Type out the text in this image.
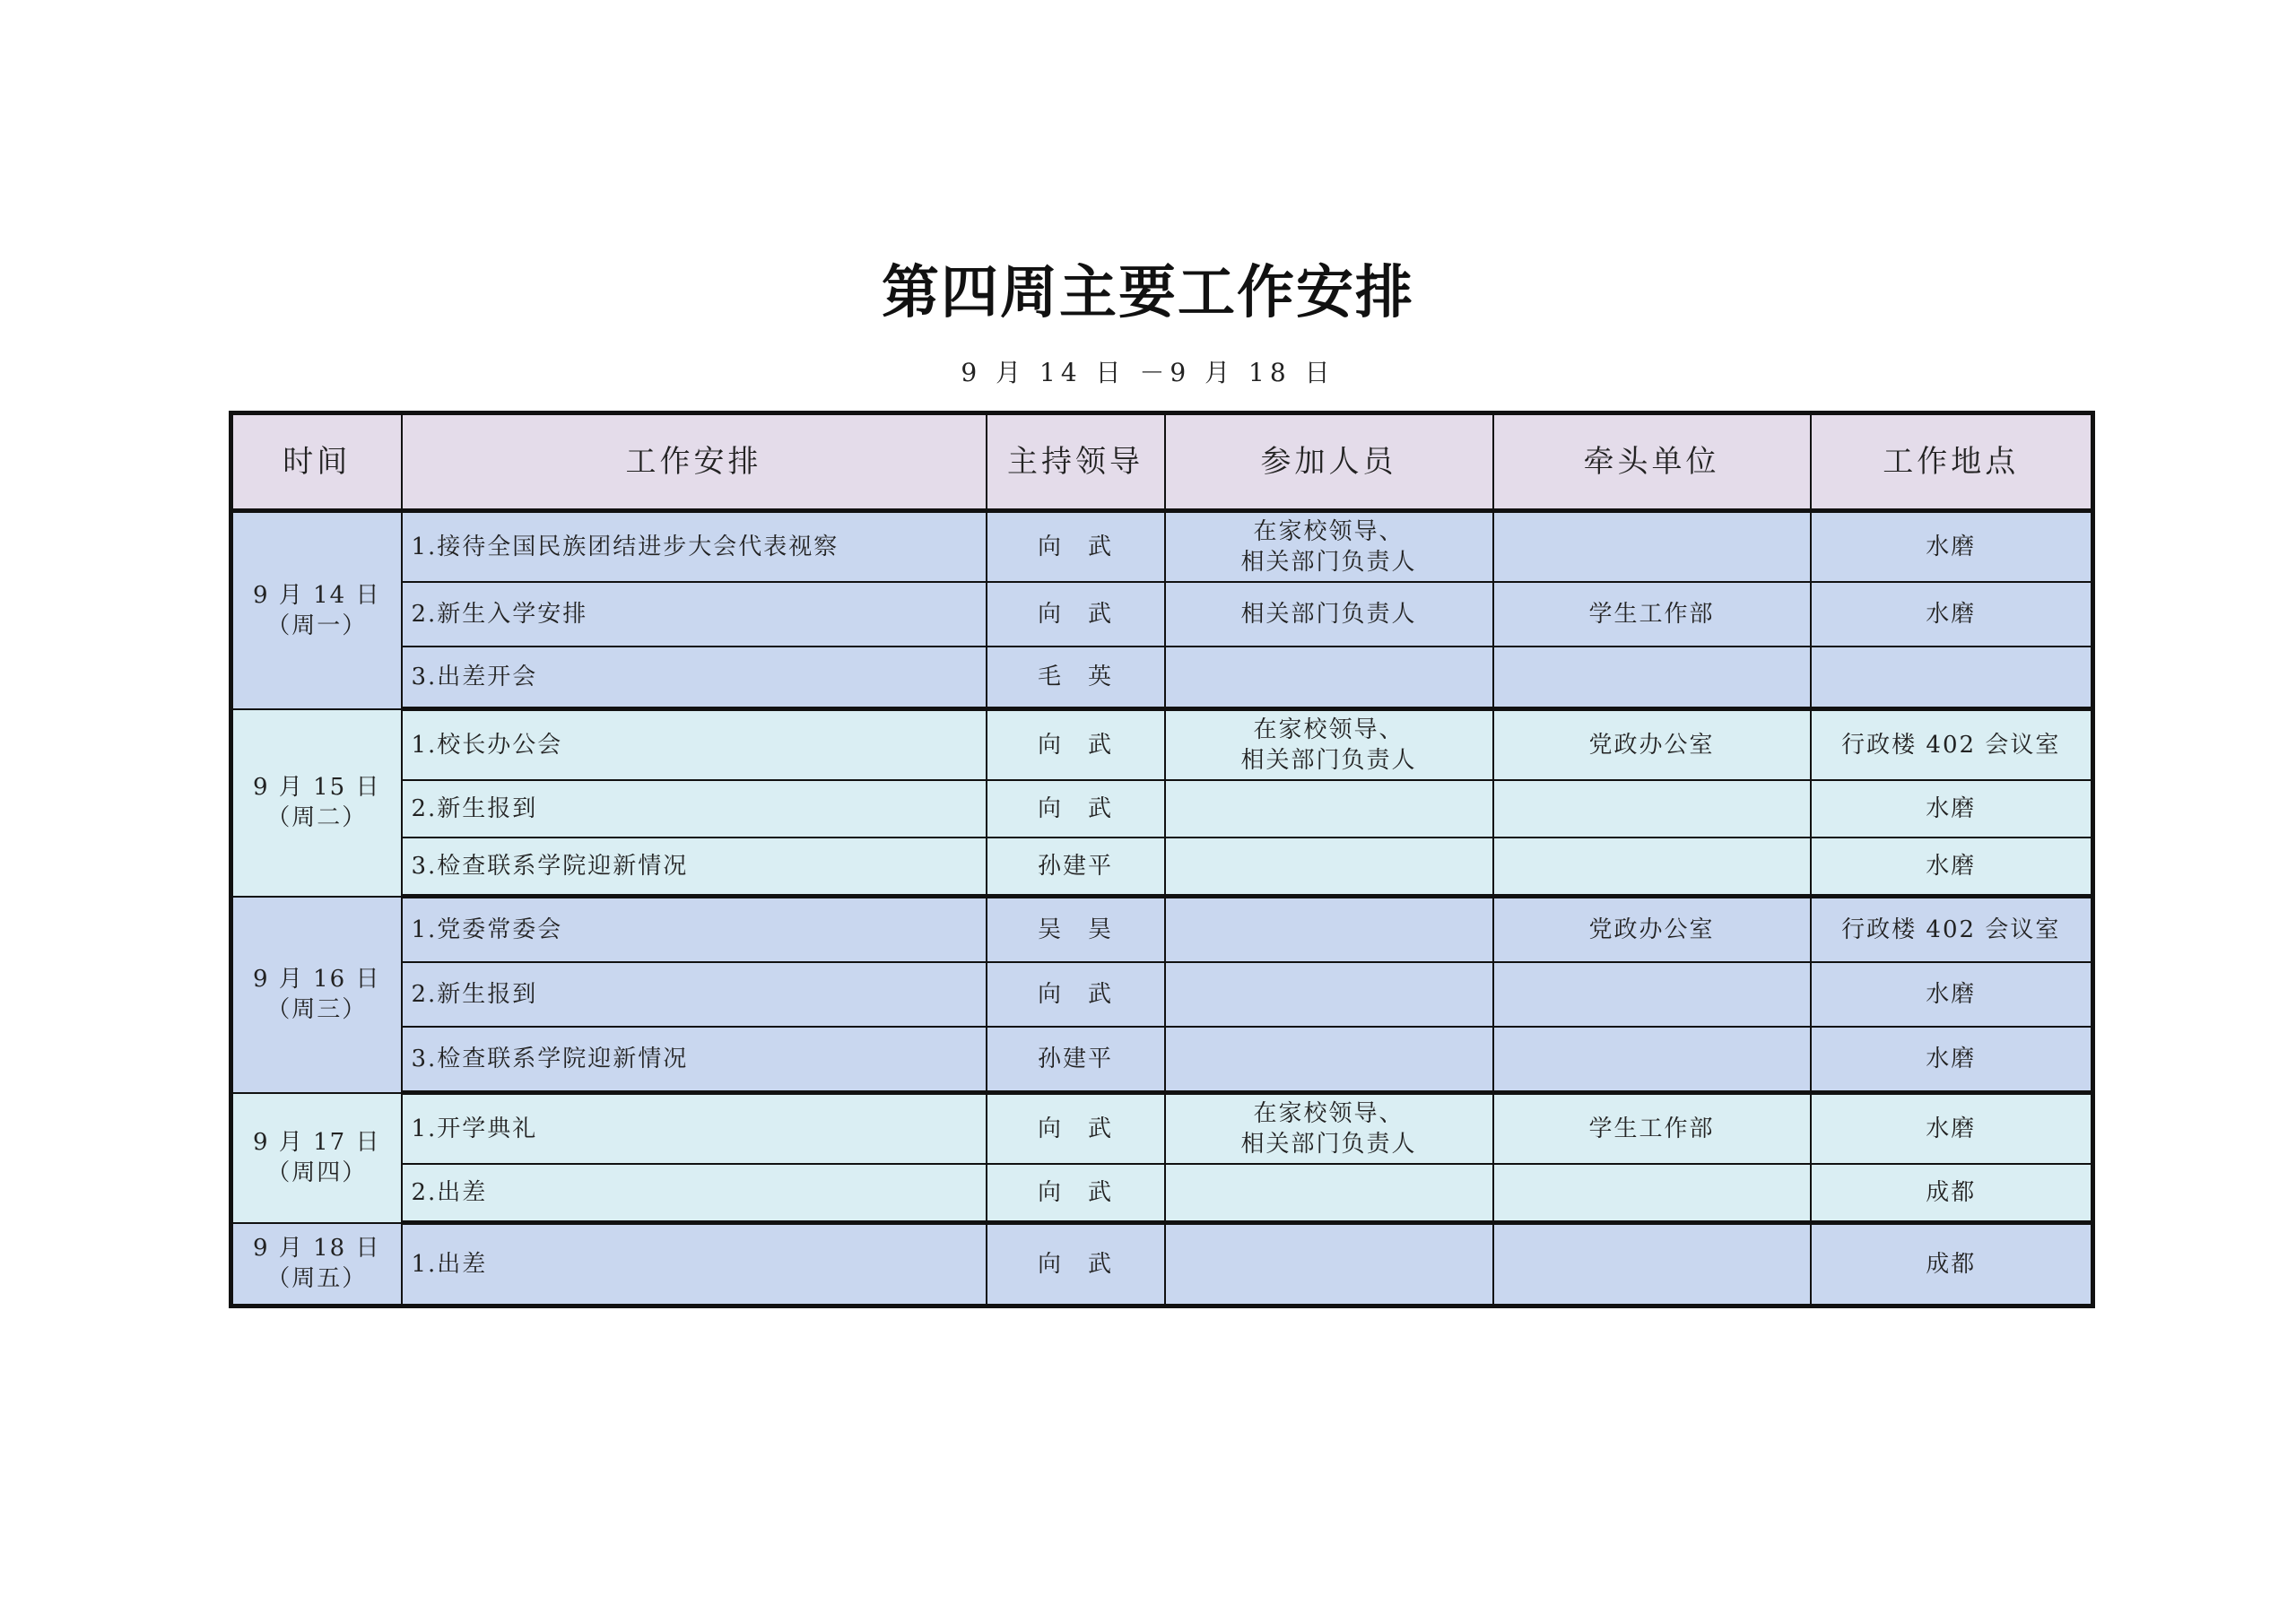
第四周主要工作安排
9 月 14 日 －9 月 18 日
时间	工作安排	主持领导	参加人员	牵头单位	工作地点

9 月 14 日
（周一）	1.接待全国民族团结进步大会代表视察	向　武	在家校领导、
相关部门负责人		水磨
	2.新生入学安排	向　武	相关部门负责人	学生工作部	水磨
	3.出差开会	毛　英			

9 月 15 日
（周二）	1.校长办公会	向　武	在家校领导、
相关部门负责人	党政办公室	行政楼 402 会议室
	2.新生报到	向　武			水磨
	3.检查联系学院迎新情况	孙建平			水磨

9 月 16 日
（周三）	1.党委常委会	吴　昊		党政办公室	行政楼 402 会议室
	2.新生报到	向　武			水磨
	3.检查联系学院迎新情况	孙建平			水磨

9 月 17 日
（周四）	1.开学典礼	向　武	在家校领导、
相关部门负责人	学生工作部	水磨
	2.出差	向　武			成都

9 月 18 日
（周五）	1.出差	向　武			成都
